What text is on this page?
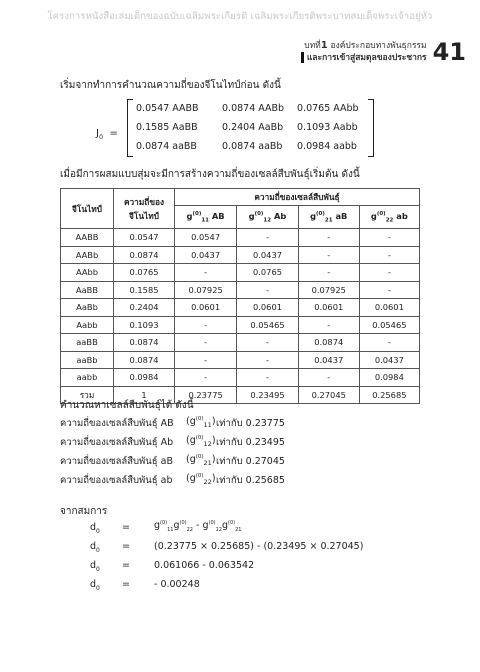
โครงการหนังสือเล่มเด็กของฉบับเฉลิมพระเกียรติ เฉลิมพระเกียรติพระบาทสมเด็จพระเจ้าอยู่หัว
บทที่1 องค์ประกอบทางพันธุกรรม
และการเข้าสู่สมดุลของประชากร 41
เริ่มจากทำการคำนวณความถี่ของจีโนไทป์ก่อน ดังนี้
$J_0$  =
0.0547 AABB	0.0874 AABb	0.0765 AAbb
0.1585 AaBB	0.2404 AaBb	0.1093 Aabb
0.0874 aaBB	0.0874 aaBb	0.0984 aabb
เมื่อมีการผสมแบบสุ่มจะมีการสร้างความถี่ของเซลล์สืบพันธุ์เริ่มต้น ดังนี้
จีโนไทป์	ความถี่ของ
จีโนไทป์	ความถี่ของเซลล์สืบพันธุ์			
		$g^{(0)}_{11}$ AB	$g^{(0)}_{12}$ Ab	$g^{(0)}_{21}$ aB	$g^{(0)}_{22}$ ab
AABB	0.0547	0.0547	-	-	-
AABb	0.0874	0.0437	0.0437	-	-
AAbb	0.0765	-	0.0765	-	-
AaBB	0.1585	0.07925	-	0.07925	-
AaBb	0.2404	0.0601	0.0601	0.0601	0.0601
Aabb	0.1093	-	0.05465	-	0.05465
aaBB	0.0874	-	-	0.0874	-
aaBb	0.0874	-	-	0.0437	0.0437
aabb	0.0984	-	-	-	0.0984
รวม	1	0.23775	0.23495	0.27045	0.25685
คำนวณหาเซลล์สืบพันธุ์ได้ ดังนี้
ความถี่ของเซลล์สืบพันธุ์ AB	$(g^{(0)}_{11})$ เท่ากับ 0.23775
ความถี่ของเซลล์สืบพันธุ์ Ab	$(g^{(0)}_{12})$ เท่ากับ 0.23495
ความถี่ของเซลล์สืบพันธุ์ aB	$(g^{(0)}_{21})$ เท่ากับ 0.27045
ความถี่ของเซลล์สืบพันธุ์ ab	$(g^{(0)}_{22})$ เท่ากับ 0.25685
จากสมการ
$d_0$ =	$g^{(0)}_{11}g^{(0)}_{22} - g^{(0)}_{12}g^{(0)}_{21}$
$d_0$ =	(0.23775 × 0.25685) - (0.23495 × 0.27045)
$d_0$ =	0.061066 - 0.063542
$d_0$ =	- 0.00248
